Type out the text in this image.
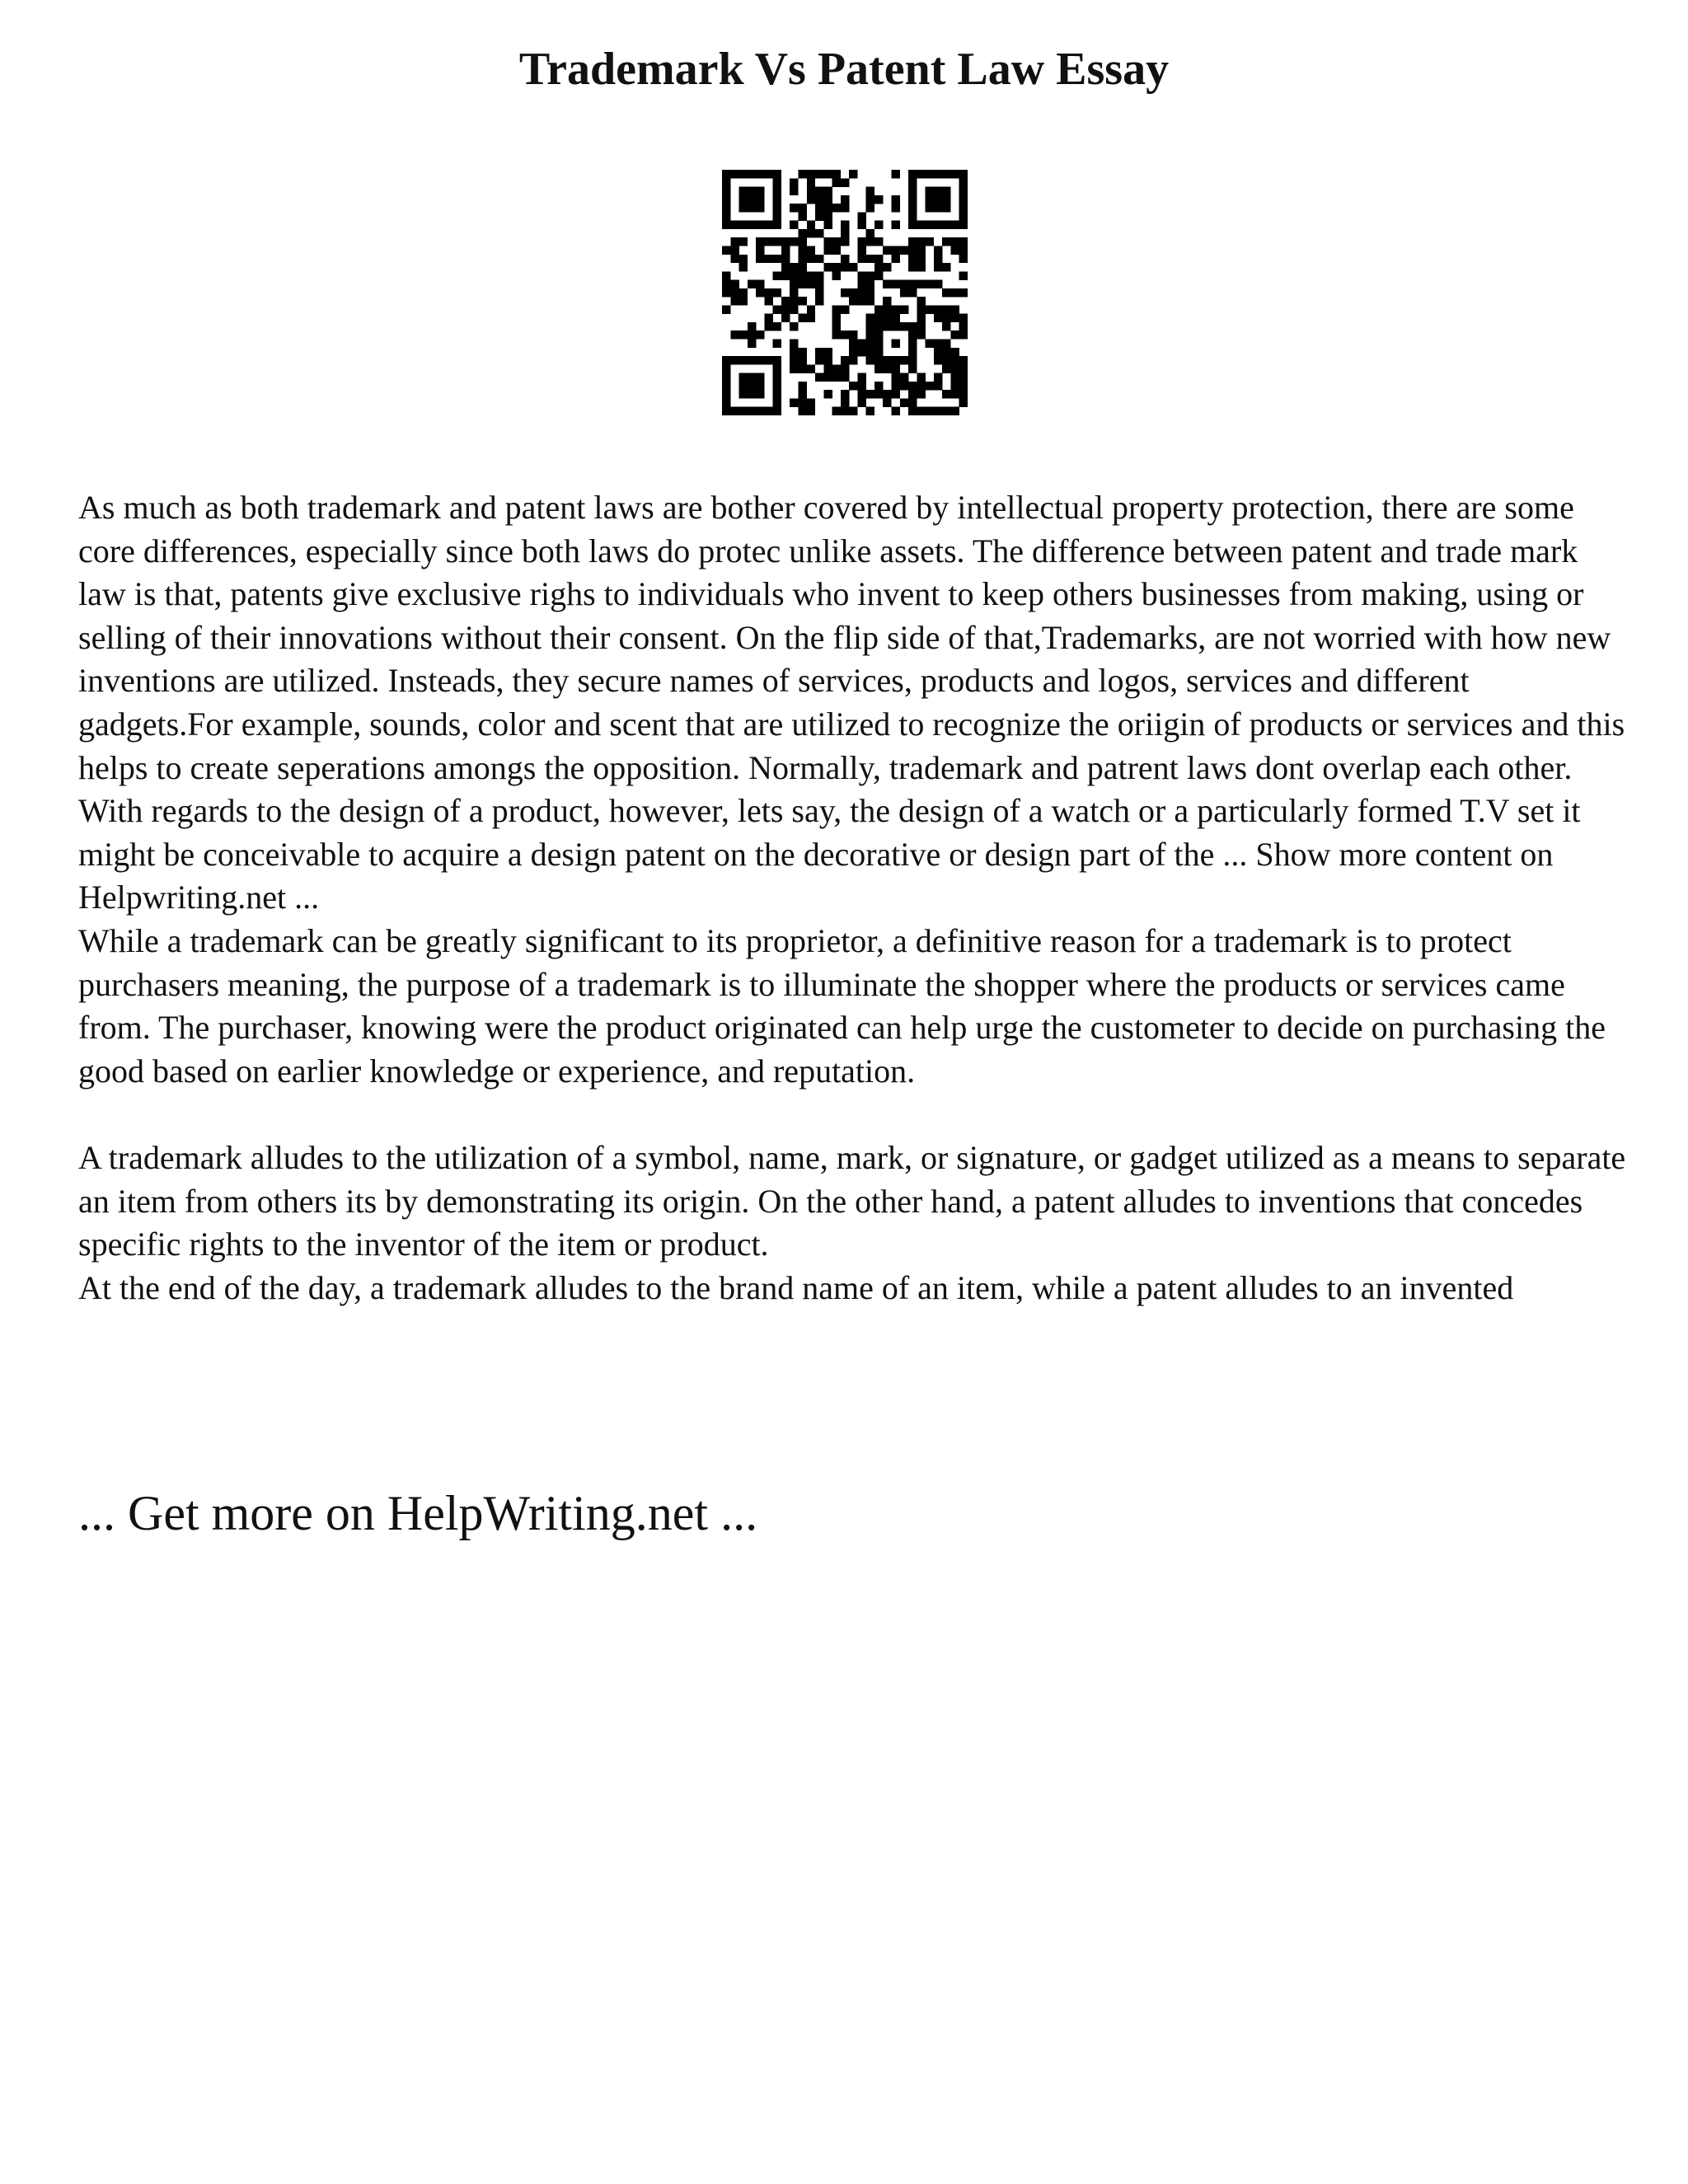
Trademark Vs Patent Law Essay

As much as both trademark and patent laws are bother covered by intellectual property protection, there are some core differences, especially since both laws do protec unlike assets. The difference between patent and trade mark law is that, patents give exclusive righs to individuals who invent to keep others businesses from making, using or selling of their innovations without their consent. On the flip side of that,Trademarks, are not worried with how new inventions are utilized. Insteads, they secure names of services, products and logos, services and different gadgets.For example, sounds, color and scent that are utilized to recognize the oriigin of products or services and this helps to create seperations amongs the opposition. Normally, trademark and patrent laws dont overlap each other. With regards to the design of a product, however, lets say, the design of a watch or a particularly formed T.V set it might be conceivable to acquire a design patent on the decorative or design part of the ... Show more content on Helpwriting.net ...

While a trademark can be greatly significant to its proprietor, a definitive reason for a trademark is to protect purchasers meaning, the purpose of a trademark is to illuminate the shopper where the products or services came from. The purchaser, knowing were the product originated can help urge the custometer to decide on purchasing the good based on earlier knowledge or experience, and reputation.

A trademark alludes to the utilization of a symbol, name, mark, or signature, or gadget utilized as a means to separate an item from others its by demonstrating its origin. On the other hand, a patent alludes to inventions that concedes specific rights to the inventor of the item or product.

At the end of the day, a trademark alludes to the brand name of an item, while a patent alludes to an invented

... Get more on HelpWriting.net ...
